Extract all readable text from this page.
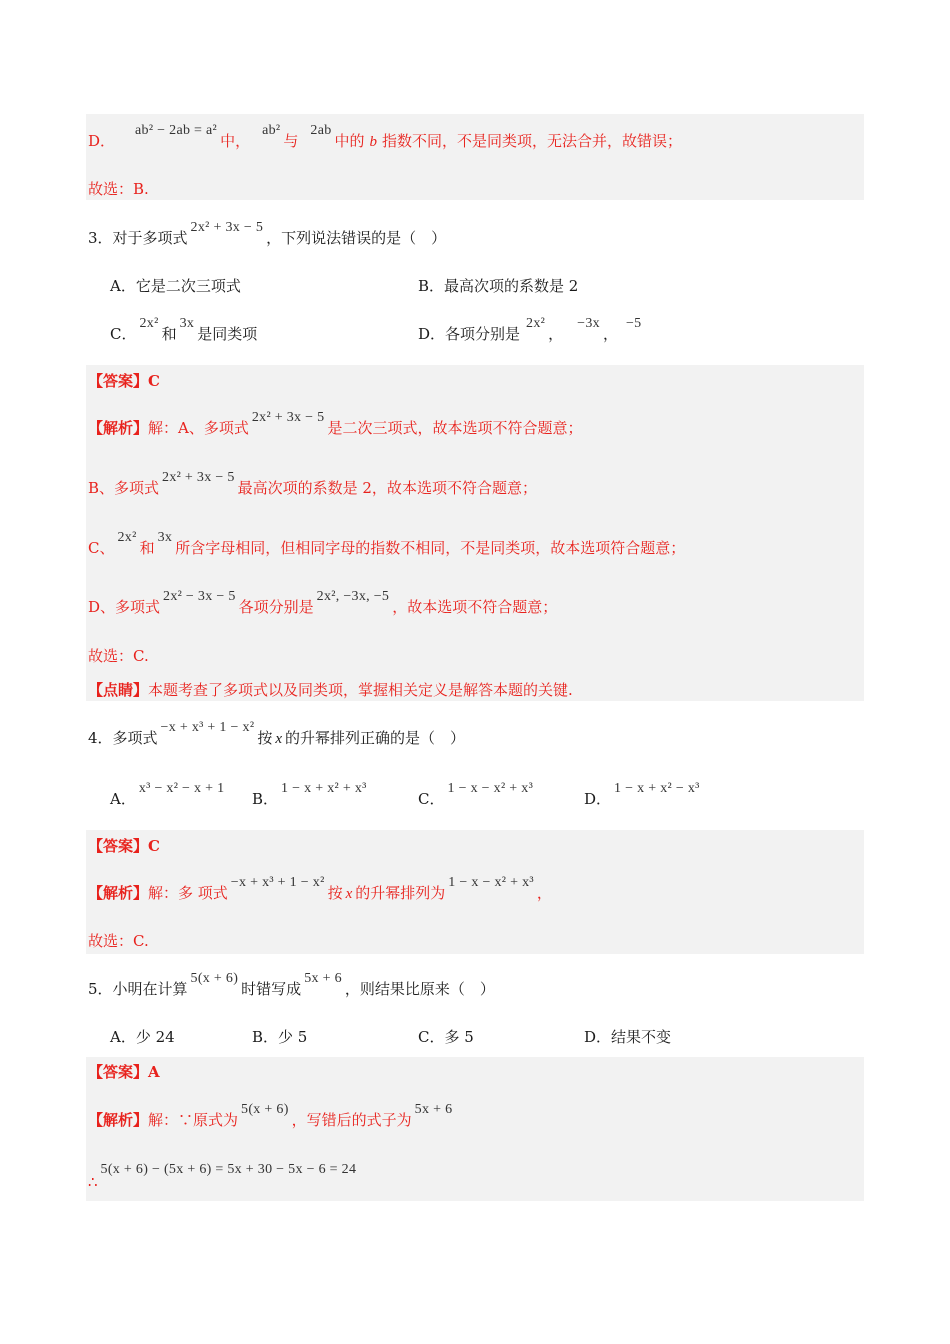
D．ab² − 2ab = a²中，ab²与2ab中的 b 指数不同，不是同类项，无法合并，故错误；
故选：B.
3．对于多项式2x² + 3x − 5，下列说法错误的是（　）
A．它是二次三项式	B．最高次项的系数是 2
C．2x²和3x是同类项	D．各项分别是2x²，−3x，−5
【答案】C
【解析】解：A、多项式2x² + 3x − 5是二次三项式，故本选项不符合题意；
B、多项式2x² + 3x − 5最高次项的系数是 2，故本选项不符合题意；
C、2x²和3x所含字母相同，但相同字母的指数不相同，不是同类项，故本选项符合题意；
D、多项式2x² − 3x − 5各项分别是2x², −3x, −5，故本选项不符合题意；
故选：C.
【点睛】本题考查了多项式以及同类项，掌握相关定义是解答本题的关键.
4．多项式−x + x³ + 1 − x²按 x 的升幂排列正确的是（　）
A．x³ − x² − x + 1
B．1 − x + x² + x³
C．1 − x − x² + x³
D．1 − x + x² − x³
【答案】C
【解析】解：多 项式−x + x³ + 1 − x²按 x 的升幂排列为1 − x − x² + x³，
故选：C.
5．小明在计算5(x + 6)时错写成5x + 6，则结果比原来（　）
A．少 24	B．少 5	C．多 5	D．结果不变
【答案】A
【解析】解：∵原式为5(x + 6)，写错后的式子为5x + 6
∴5(x + 6) − (5x + 6) = 5x + 30 − 5x − 6 = 24
